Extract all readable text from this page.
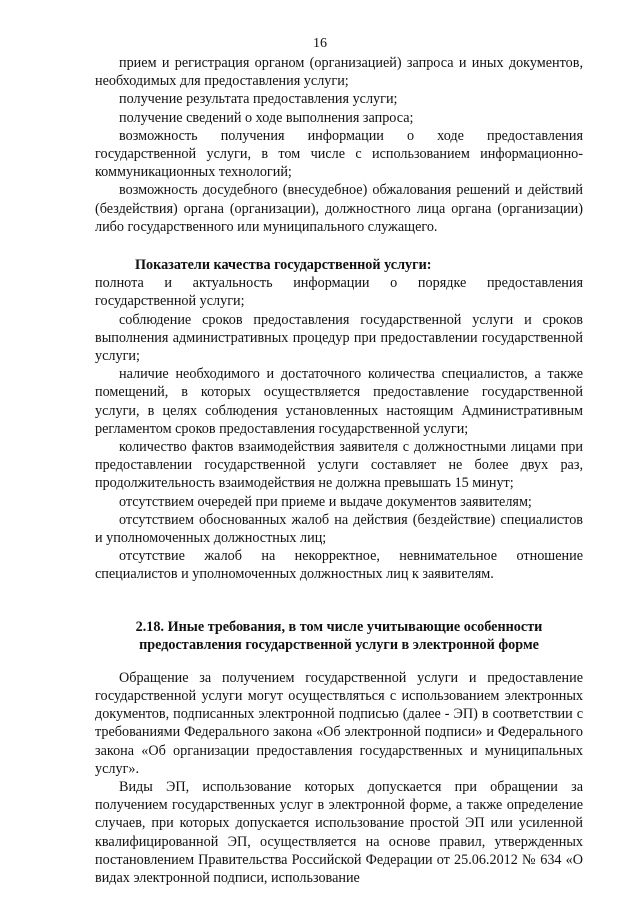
16

прием и регистрация органом (организацией) запроса и иных документов, необходимых для предоставления услуги;

получение результата предоставления услуги;

получение сведений о ходе выполнения запроса;

возможность получения информации о ходе предоставления государственной услуги, в том числе с использованием информационно-коммуникационных технологий;

возможность досудебного (внесудебное) обжалования решений и действий (бездействия) органа (организации), должностного лица органа (организации) либо государственного или муниципального служащего.

Показатели качества государственной услуги:

полнота и актуальность информации о порядке предоставления государственной услуги;

соблюдение сроков предоставления государственной услуги и сроков выполнения административных процедур при предоставлении государственной услуги;

наличие необходимого и достаточного количества специалистов, а также помещений, в которых осуществляется предоставление государственной услуги, в целях соблюдения установленных настоящим Административным регламентом сроков предоставления государственной услуги;

количество фактов взаимодействия заявителя с должностными лицами при предоставлении государственной услуги составляет не более двух раз, продолжительность взаимодействия не должна превышать 15 минут;

отсутствием очередей при приеме и выдаче документов заявителям;

отсутствием обоснованных жалоб на действия (бездействие) специалистов и уполномоченных должностных лиц;

отсутствие жалоб на некорректное, невнимательное отношение специалистов и уполномоченных должностных лиц к заявителям.

2.18. Иные требования, в том числе учитывающие особенности

предоставления государственной услуги в электронной форме

Обращение за получением государственной услуги и предоставление государственной услуги могут осуществляться с использованием электронных документов, подписанных электронной подписью (далее - ЭП) в соответствии с требованиями Федерального закона «Об электронной подписи» и Федерального закона «Об организации предоставления государственных и муниципальных услуг».

Виды ЭП, использование которых допускается при обращении за получением государственных услуг в электронной форме, а также определение случаев, при которых допускается использование простой ЭП или усиленной квалифицированной ЭП, осуществляется на основе правил, утвержденных постановлением Правительства Российской Федерации от 25.06.2012 № 634 «О видах электронной подписи, использование
